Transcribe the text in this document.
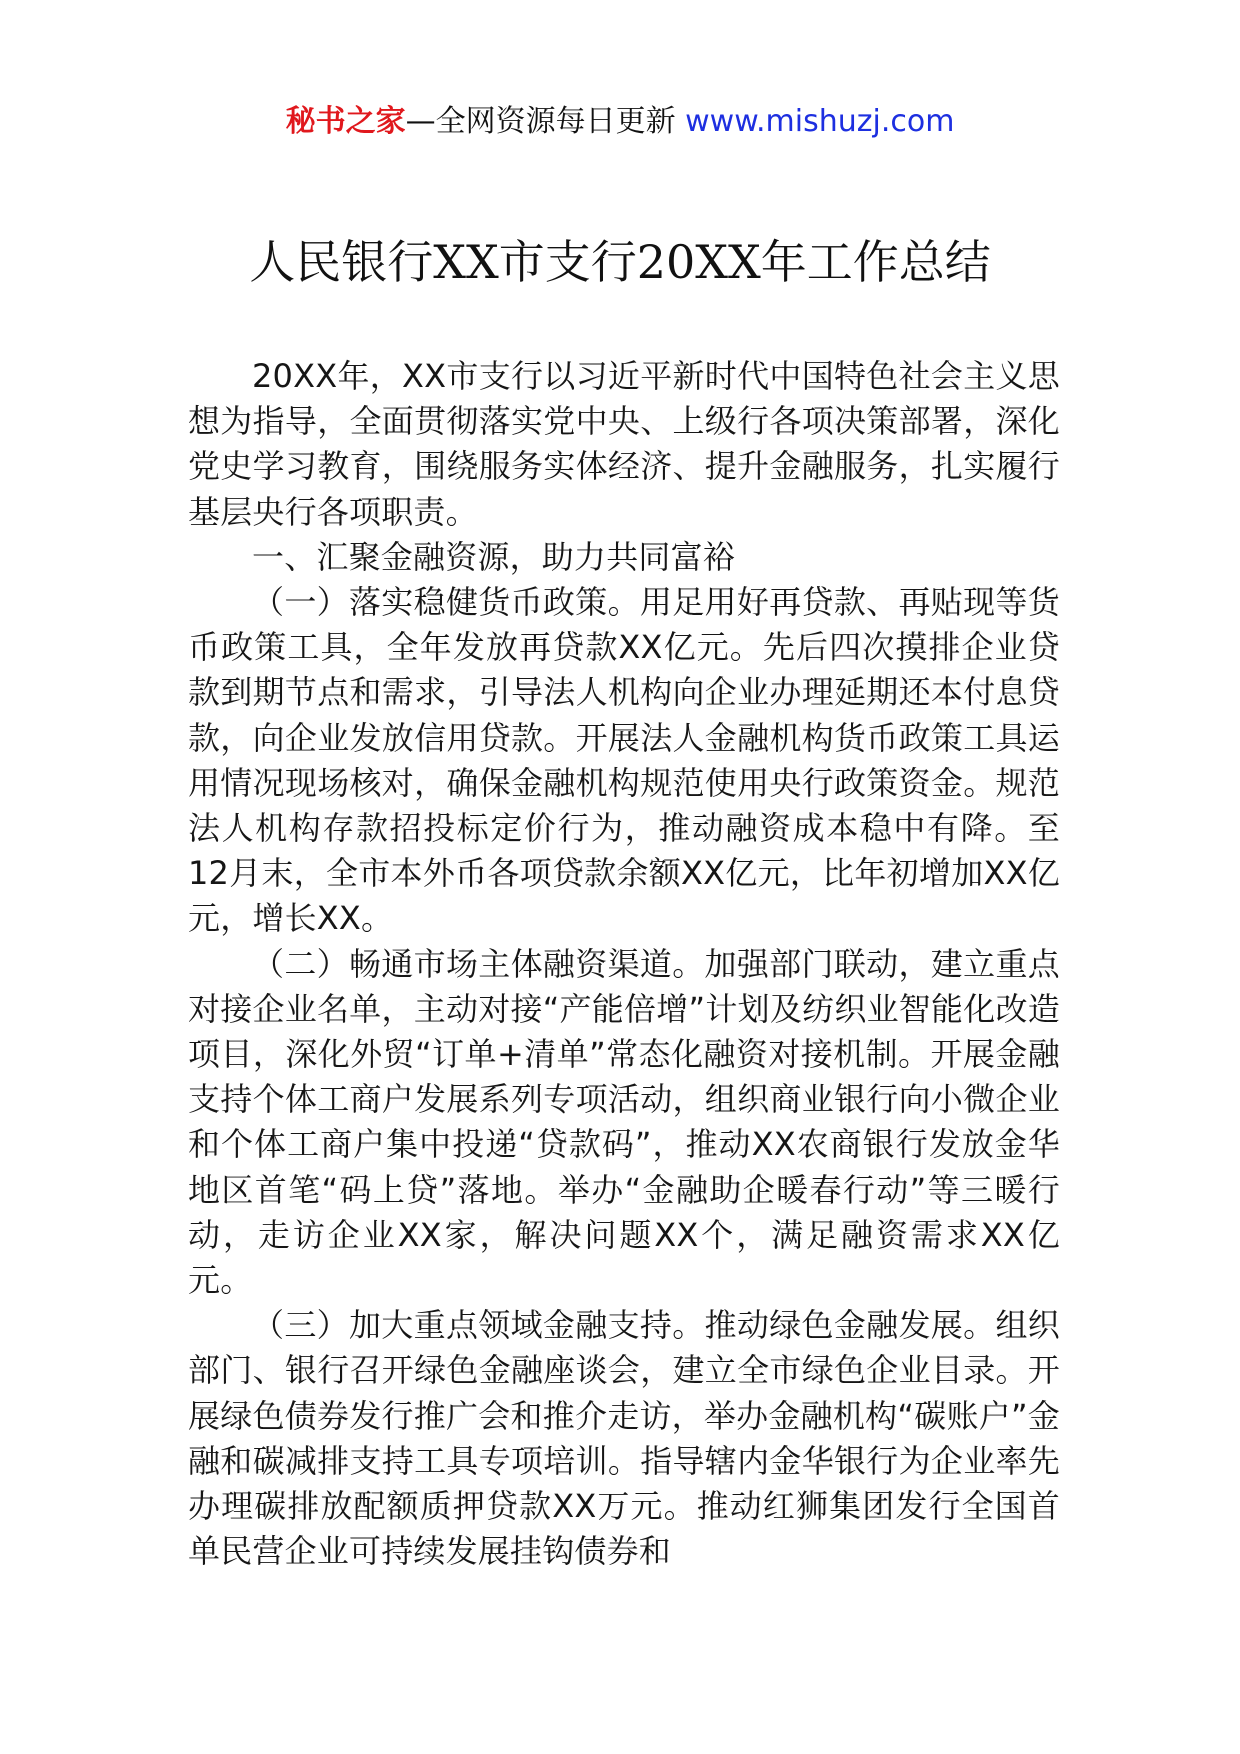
秘书之家—全网资源每日更新 www.mishuzj.com
人民银行XX市支行20XX年工作总结

20XX年，XX市支行以习近平新时代中国特色社会主义思想为指导，全面贯彻落实党中央、上级行各项决策部署，深化党史学习教育，围绕服务实体经济、提升金融服务，扎实履行基层央行各项职责。

一、汇聚金融资源，助力共同富裕

（一）落实稳健货币政策。用足用好再贷款、再贴现等货币政策工具，全年发放再贷款XX亿元。先后四次摸排企业贷款到期节点和需求，引导法人机构向企业办理延期还本付息贷款，向企业发放信用贷款。开展法人金融机构货币政策工具运用情况现场核对，确保金融机构规范使用央行政策资金。规范法人机构存款招投标定价行为，推动融资成本稳中有降。至12月末，全市本外币各项贷款余额XX亿元，比年初增加XX亿元，增长XX。

（二）畅通市场主体融资渠道。加强部门联动，建立重点对接企业名单，主动对接“产能倍增”计划及纺织业智能化改造项目，深化外贸“订单+清单”常态化融资对接机制。开展金融支持个体工商户发展系列专项活动，组织商业银行向小微企业和个体工商户集中投递“贷款码”，推动XX农商银行发放金华地区首笔“码上贷”落地。举办“金融助企暖春行动”等三暖行动，走访企业XX家，解决问题XX个，满足融资需求XX亿元。

（三）加大重点领域金融支持。推动绿色金融发展。组织部门、银行召开绿色金融座谈会，建立全市绿色企业目录。开展绿色债券发行推广会和推介走访，举办金融机构“碳账户”金融和碳减排支持工具专项培训。指导辖内金华银行为企业率先办理碳排放配额质押贷款XX万元。推动红狮集团发行全国首单民营企业可持续发展挂钩债券和
